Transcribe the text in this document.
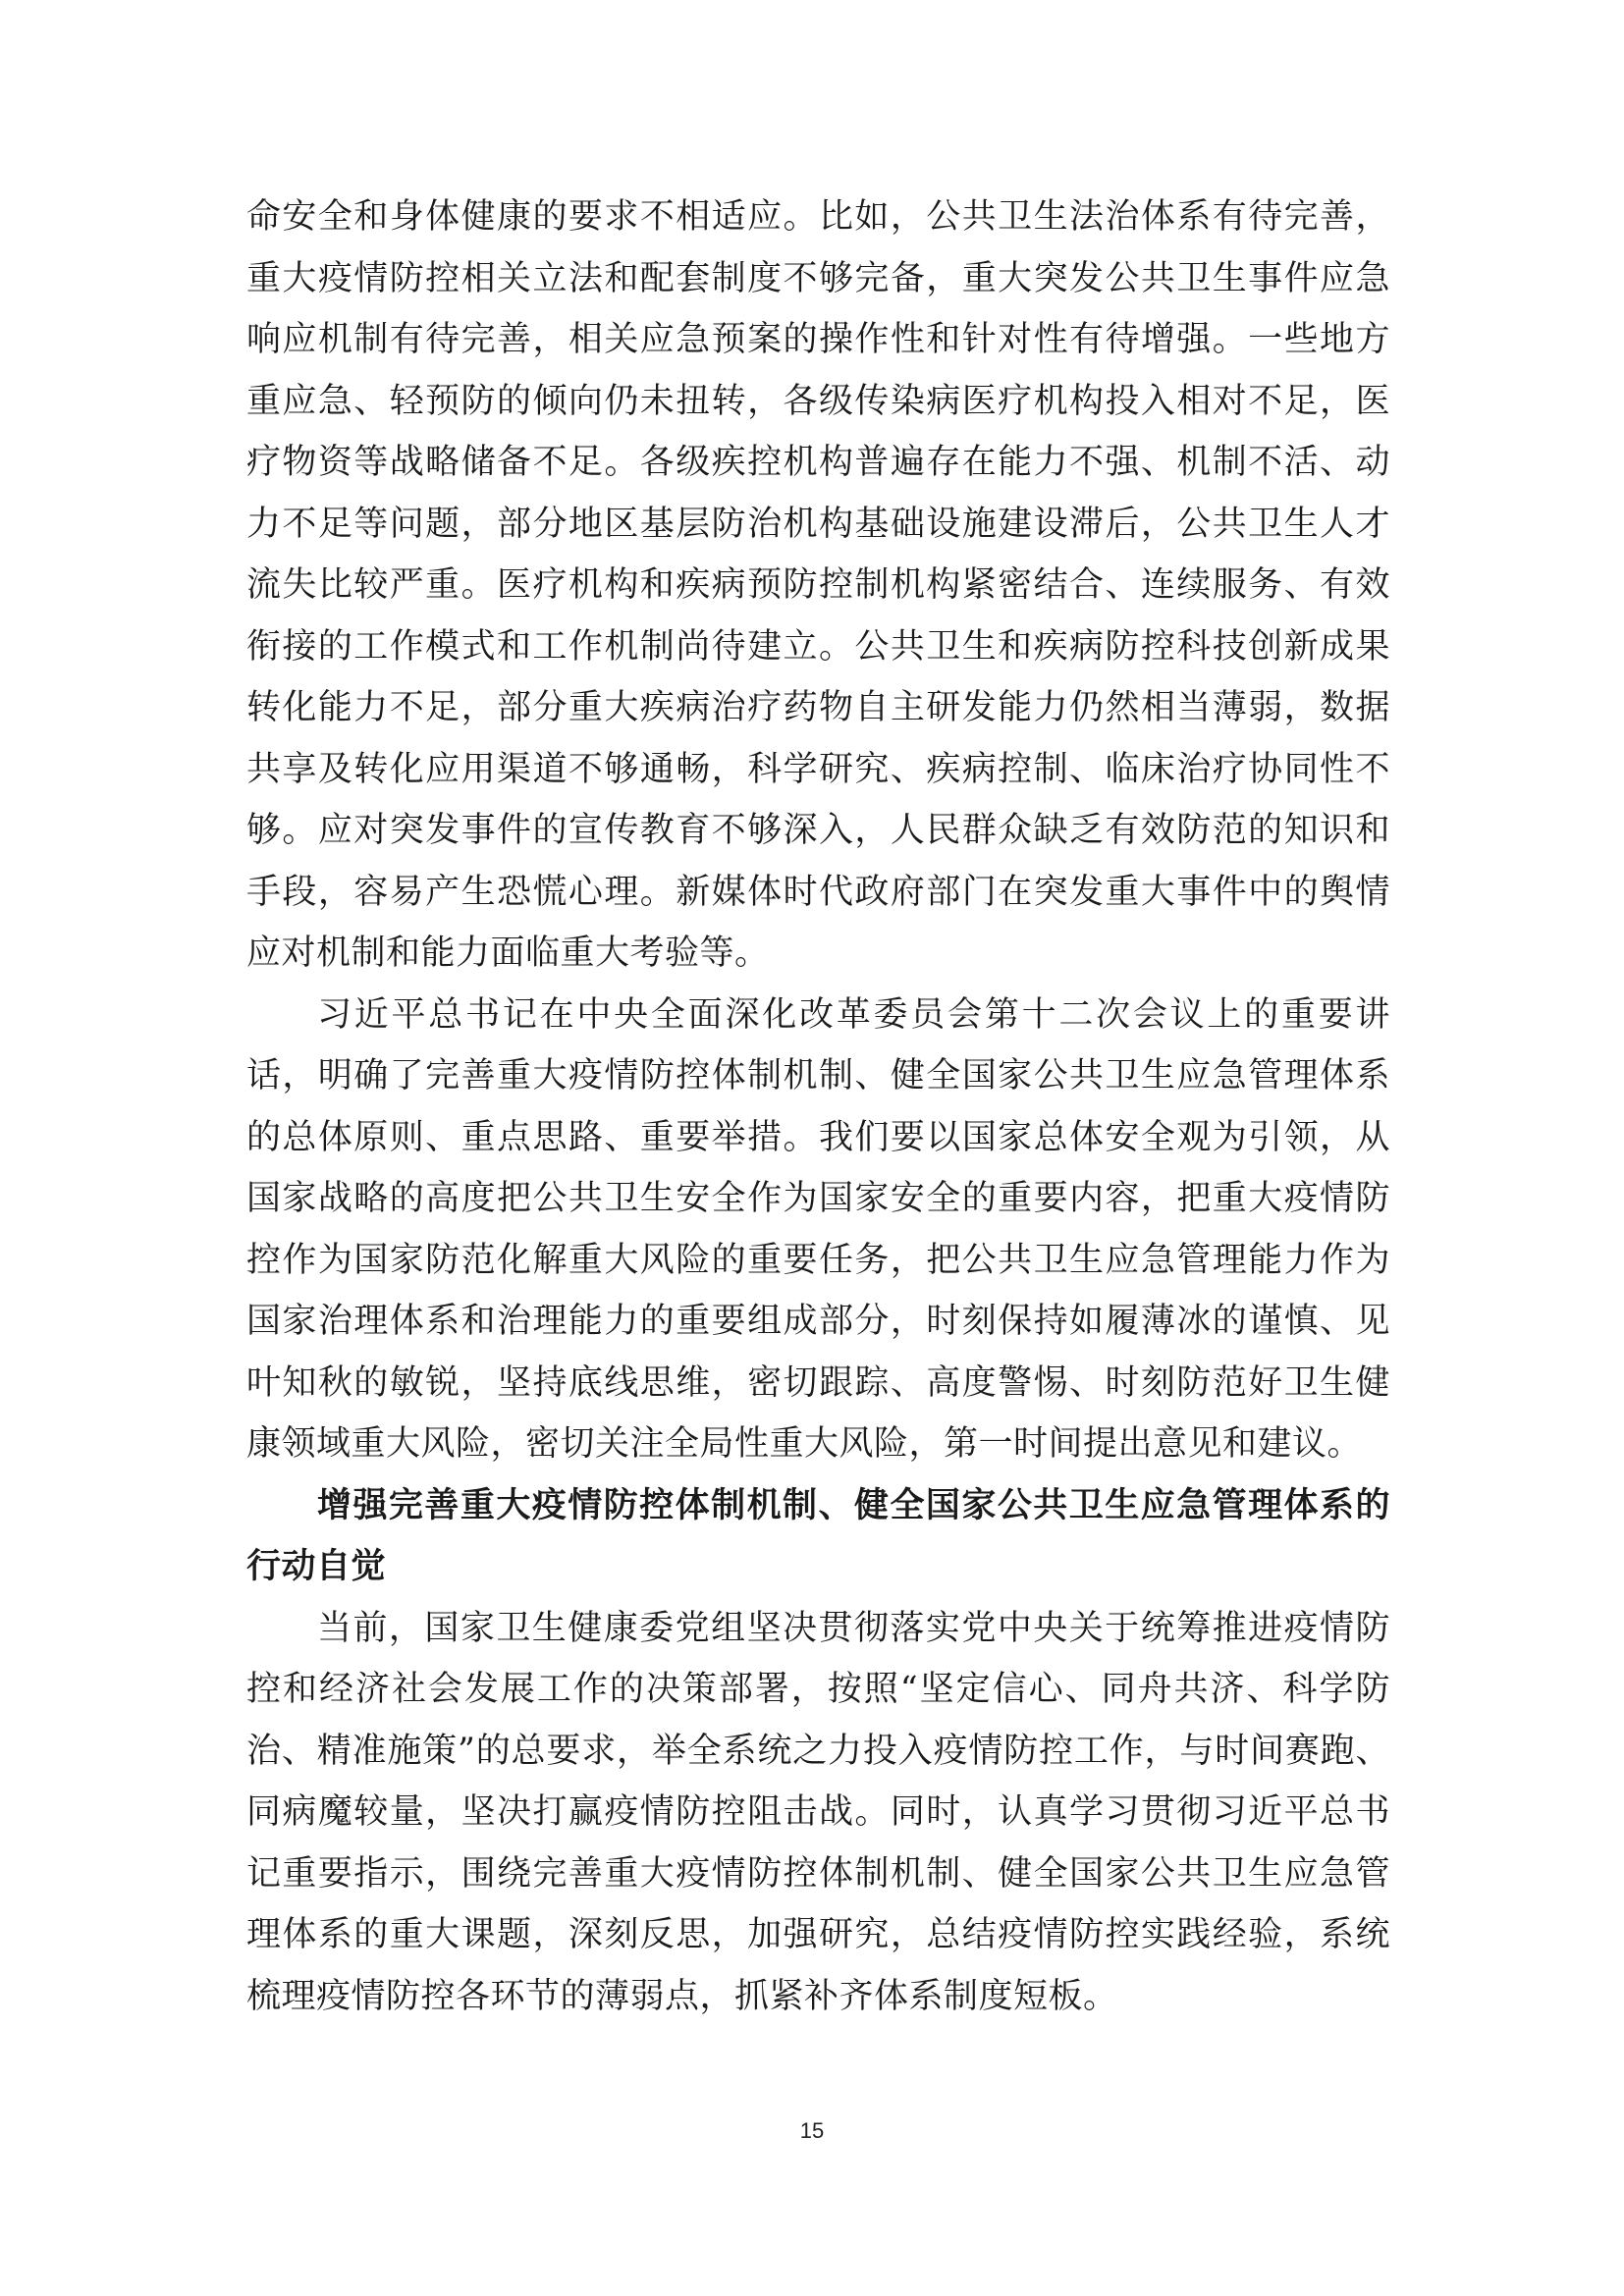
命安全和身体健康的要求不相适应。比如，公共卫生法治体系有待完善，重大疫情防控相关立法和配套制度不够完备，重大突发公共卫生事件应急响应机制有待完善，相关应急预案的操作性和针对性有待增强。一些地方重应急、轻预防的倾向仍未扭转，各级传染病医疗机构投入相对不足，医疗物资等战略储备不足。各级疾控机构普遍存在能力不强、机制不活、动力不足等问题，部分地区基层防治机构基础设施建设滞后，公共卫生人才流失比较严重。医疗机构和疾病预防控制机构紧密结合、连续服务、有效衔接的工作模式和工作机制尚待建立。公共卫生和疾病防控科技创新成果转化能力不足，部分重大疾病治疗药物自主研发能力仍然相当薄弱，数据共享及转化应用渠道不够通畅，科学研究、疾病控制、临床治疗协同性不够。应对突发事件的宣传教育不够深入，人民群众缺乏有效防范的知识和手段，容易产生恐慌心理。新媒体时代政府部门在突发重大事件中的舆情应对机制和能力面临重大考验等。

习近平总书记在中央全面深化改革委员会第十二次会议上的重要讲话，明确了完善重大疫情防控体制机制、健全国家公共卫生应急管理体系的总体原则、重点思路、重要举措。我们要以国家总体安全观为引领，从国家战略的高度把公共卫生安全作为国家安全的重要内容，把重大疫情防控作为国家防范化解重大风险的重要任务，把公共卫生应急管理能力作为国家治理体系和治理能力的重要组成部分，时刻保持如履薄冰的谨慎、见叶知秋的敏锐，坚持底线思维，密切跟踪、高度警惕、时刻防范好卫生健康领域重大风险，密切关注全局性重大风险，第一时间提出意见和建议。

增强完善重大疫情防控体制机制、健全国家公共卫生应急管理体系的行动自觉

当前，国家卫生健康委党组坚决贯彻落实党中央关于统筹推进疫情防控和经济社会发展工作的决策部署，按照“坚定信心、同舟共济、科学防治、精准施策”的总要求，举全系统之力投入疫情防控工作，与时间赛跑、同病魔较量，坚决打赢疫情防控阻击战。同时，认真学习贯彻习近平总书记重要指示，围绕完善重大疫情防控体制机制、健全国家公共卫生应急管理体系的重大课题，深刻反思，加强研究，总结疫情防控实践经验，系统梳理疫情防控各环节的薄弱点，抓紧补齐体系制度短板。

15
